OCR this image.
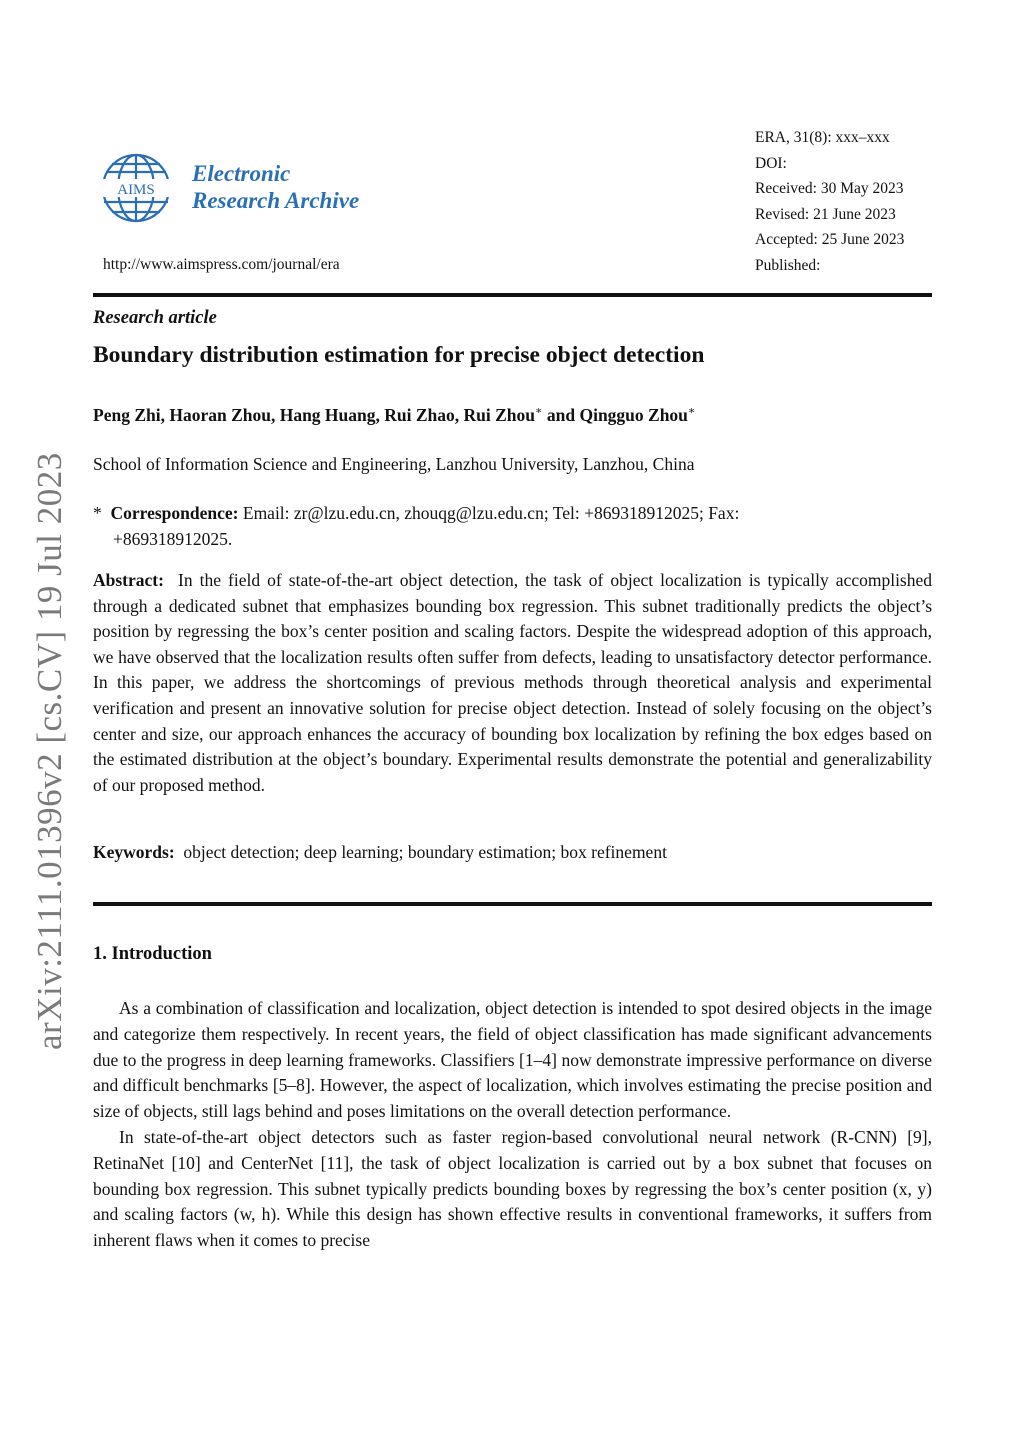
arXiv:2111.01396v2 [cs.CV] 19 Jul 2023
AIMS
Electronic
Research Archive
http://www.aimspress.com/journal/era
ERA, 31(8): xxx–xxx
DOI:
Received: 30 May 2023
Revised: 21 June 2023
Accepted: 25 June 2023
Published:
Research article
Boundary distribution estimation for precise object detection
Peng Zhi, Haoran Zhou, Hang Huang, Rui Zhao, Rui Zhou∗ and Qingguo Zhou∗
School of Information Science and Engineering, Lanzhou University, Lanzhou, China
* Correspondence: Email: zr@lzu.edu.cn, zhouqg@lzu.edu.cn; Tel: +869318912025; Fax:
+869318912025.
Abstract: In the field of state-of-the-art object detection, the task of object localization is typically accomplished through a dedicated subnet that emphasizes bounding box regression. This subnet traditionally predicts the object’s position by regressing the box’s center position and scaling factors. Despite the widespread adoption of this approach, we have observed that the localization results often suffer from defects, leading to unsatisfactory detector performance. In this paper, we address the shortcomings of previous methods through theoretical analysis and experimental verification and present an innovative solution for precise object detection. Instead of solely focusing on the object’s center and size, our approach enhances the accuracy of bounding box localization by refining the box edges based on the estimated distribution at the object’s boundary. Experimental results demonstrate the potential and generalizability of our proposed method.
Keywords: object detection; deep learning; boundary estimation; box refinement
1. Introduction

As a combination of classification and localization, object detection is intended to spot desired objects in the image and categorize them respectively. In recent years, the field of object classification has made significant advancements due to the progress in deep learning frameworks. Classifiers [1–4] now demonstrate impressive performance on diverse and difficult benchmarks [5–8]. However, the aspect of localization, which involves estimating the precise position and size of objects, still lags behind and poses limitations on the overall detection performance.

In state-of-the-art object detectors such as faster region-based convolutional neural network (R-CNN) [9], RetinaNet [10] and CenterNet [11], the task of object localization is carried out by a box subnet that focuses on bounding box regression. This subnet typically predicts bounding boxes by regressing the box’s center position (x, y) and scaling factors (w, h). While this design has shown effective results in conventional frameworks, it suffers from inherent flaws when it comes to precise
